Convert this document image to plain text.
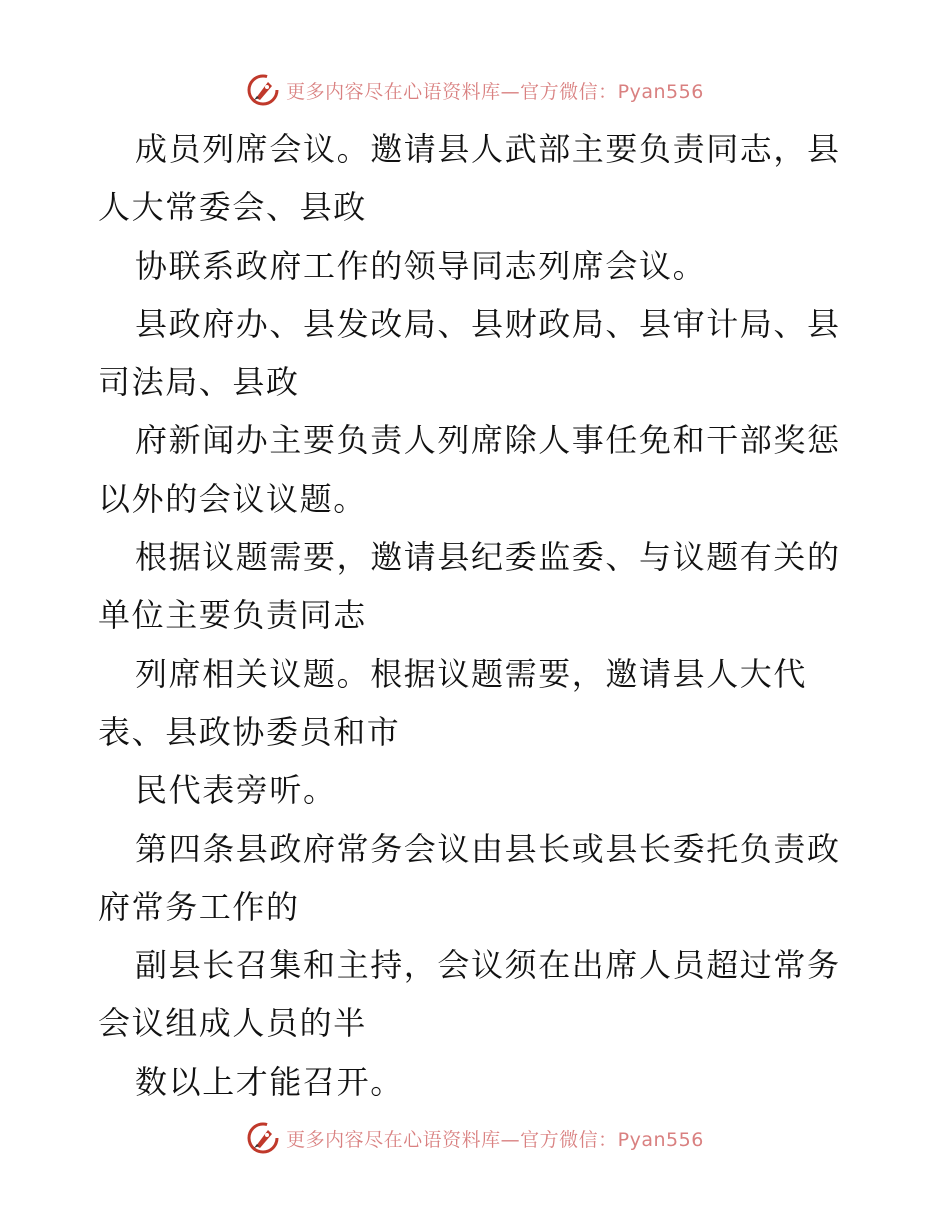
更多内容尽在心语资料库—官方微信：Pyan556
成员列席会议。邀请县人武部主要负责同志，县
人大常委会、县政
协联系政府工作的领导同志列席会议。
县政府办、县发改局、县财政局、县审计局、县
司法局、县政
府新闻办主要负责人列席除人事任免和干部奖惩
以外的会议议题。
根据议题需要，邀请县纪委监委、与议题有关的
单位主要负责同志
列席相关议题。根据议题需要，邀请县人大代
表、县政协委员和市
民代表旁听。
第四条县政府常务会议由县长或县长委托负责政
府常务工作的
副县长召集和主持，会议须在出席人员超过常务
会议组成人员的半
数以上才能召开。
更多内容尽在心语资料库—官方微信：Pyan556
